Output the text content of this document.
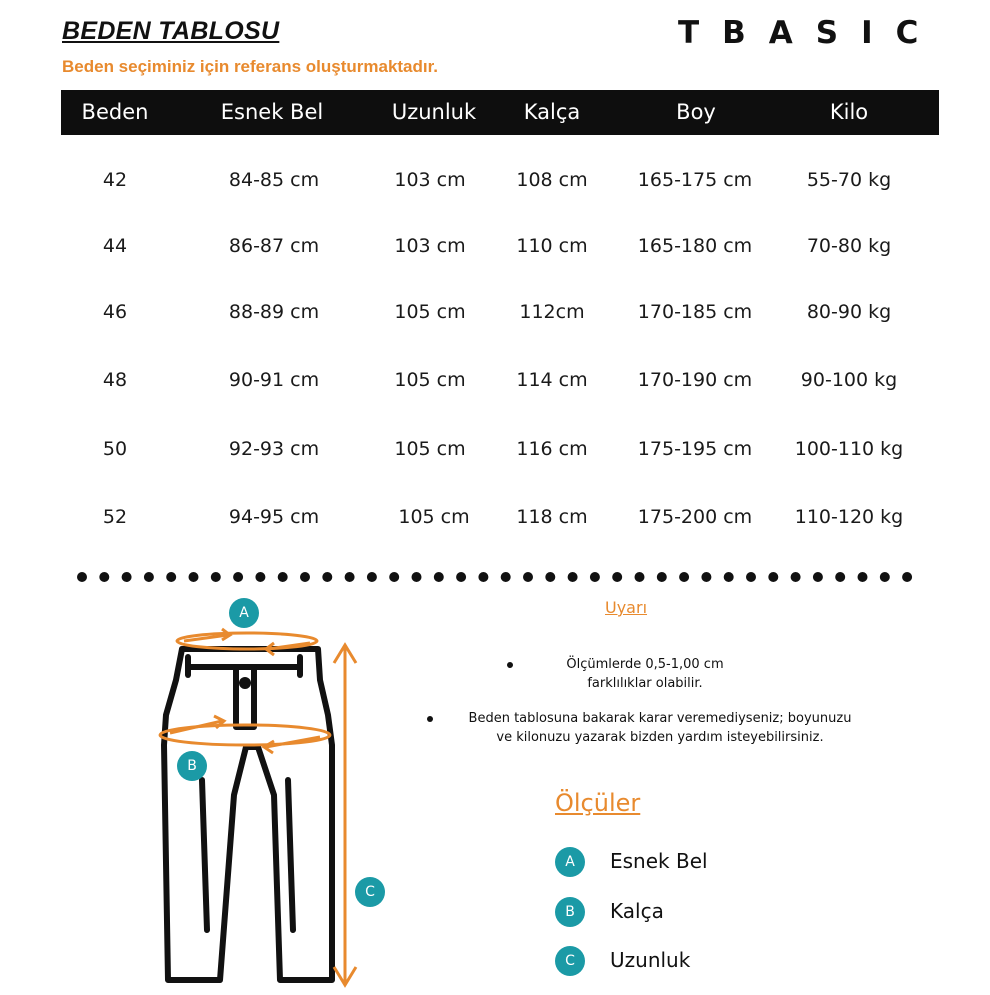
BEDEN TABLOSU

Beden seçiminiz için referans oluşturmaktadır.

TBASIC
Beden	Esnek Bel	Uzunluk Kalça	Boy	Kilo
42	84-85 cm	103 cm	108 cm	165-175 cm	55-70 kg
44	86-87 cm	103 cm	110 cm	165-180 cm	70-80 kg
46	88-89 cm	105 cm	112cm	170-185 cm	80-90 kg
48	90-91 cm	105 cm	114 cm	170-190 cm	90-100 kg
50	92-93 cm	105 cm	116 cm	175-195 cm 100-110 kg
52	94-95 cm	105 cm 118 cm	175-200 cm 110-120 kg
A
B
C
Uyarı
Ölçümlerde 0,5-1,00 cm
farklılıklar olabilir.
Beden tablosuna bakarak karar veremediyseniz; boyunuzu
ve kilonuzu yazarak bizden yardım isteyebilirsiniz.
Ölçüler
A	Esnek Bel
B	Kalça
C	Uzunluk
